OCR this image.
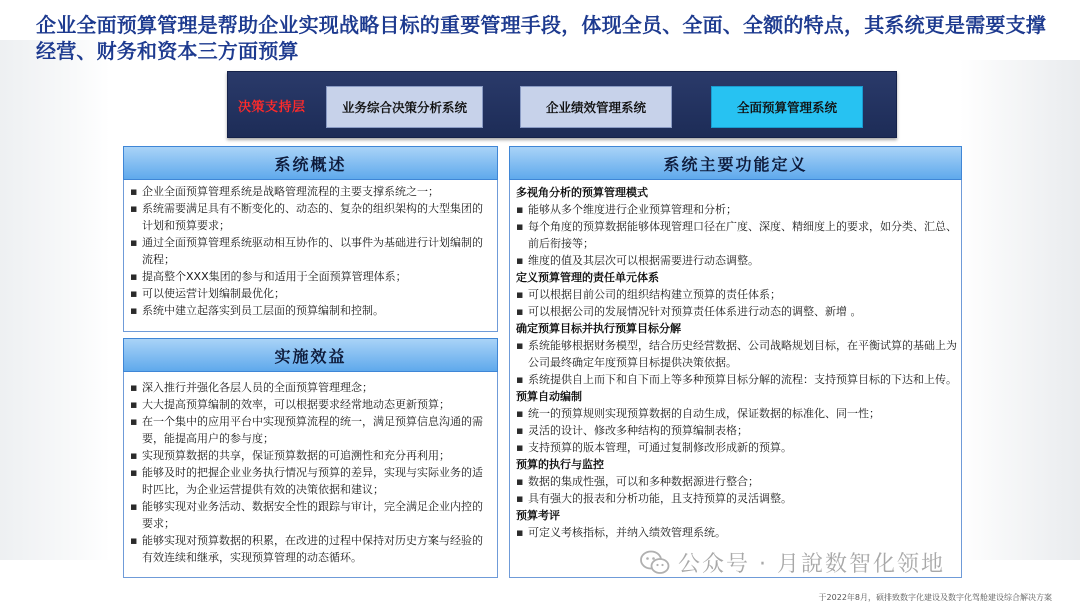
企业全面预算管理是帮助企业实现战略目标的重要管理手段，体现全员、全面、全额的特点，其系统更是需要支撑经营、财务和资本三方面预算
决策支持层	业务综合决策分析系统	企业绩效管理系统	全面预算管理系统
系统概述
▪ 企业全面预算管理系统是战略管理流程的主要支撑系统之一；
▪ 系统需要满足具有不断变化的、动态的、复杂的组织架构的大型集团的计划和预算要求；
▪ 通过全面预算管理系统驱动相互协作的、以事件为基础进行计划编制的流程；
▪ 提高整个XXX集团的参与和适用于全面预算管理体系；
▪ 可以使运营计划编制最优化；
▪ 系统中建立起落实到员工层面的预算编制和控制。
实施效益
▪ 深入推行并强化各层人员的全面预算管理理念；
▪ 大大提高预算编制的效率，可以根据要求经常地动态更新预算；
▪ 在一个集中的应用平台中实现预算流程的统一，满足预算信息沟通的需要，能提高用户的参与度；
▪ 实现预算数据的共享，保证预算数据的可追溯性和充分再利用；
▪ 能够及时的把握企业业务执行情况与预算的差异，实现与实际业务的适时匹比，为企业运营提供有效的决策依据和建议；
▪ 能够实现对业务活动、数据安全性的跟踪与审计，完全满足企业内控的要求；
▪ 能够实现对预算数据的积累，在改进的过程中保持对历史方案与经验的有效连续和继承，实现预算管理的动态循环。
系统主要功能定义
多视角分析的预算管理模式
▪ 能够从多个维度进行企业预算管理和分析；
▪ 每个角度的预算数据能够体现管理口径在广度、深度、精细度上的要求，如分类、汇总、前后衔接等；
▪ 维度的值及其层次可以根据需要进行动态调整。
定义预算管理的责任单元体系
▪ 可以根据目前公司的组织结构建立预算的责任体系；
▪ 可以根据公司的发展情况针对预算责任体系进行动态的调整、新增 。
确定预算目标并执行预算目标分解
▪ 系统能够根据财务模型，结合历史经营数据、公司战略规划目标，在平衡试算的基础上为公司最终确定年度预算目标提供决策依据。
▪ 系统提供自上而下和自下而上等多种预算目标分解的流程：支持预算目标的下达和上传。
预算自动编制
▪ 统一的预算规则实现预算数据的自动生成，保证数据的标准化、同一性；
▪ 灵活的设计、修改多种结构的预算编制表格；
▪ 支持预算的版本管理，可通过复制修改形成新的预算。
预算的执行与监控
▪ 数据的集成性强，可以和多种数据源进行整合；
▪ 具有强大的报表和分析功能，且支持预算的灵活调整。
预算考评
▪ 可定义考核指标，并纳入绩效管理系统。
公众号 · 月說数智化领地
于2022年8月，硕排致数字化建设及数字化驾舱建设综合解决方案
